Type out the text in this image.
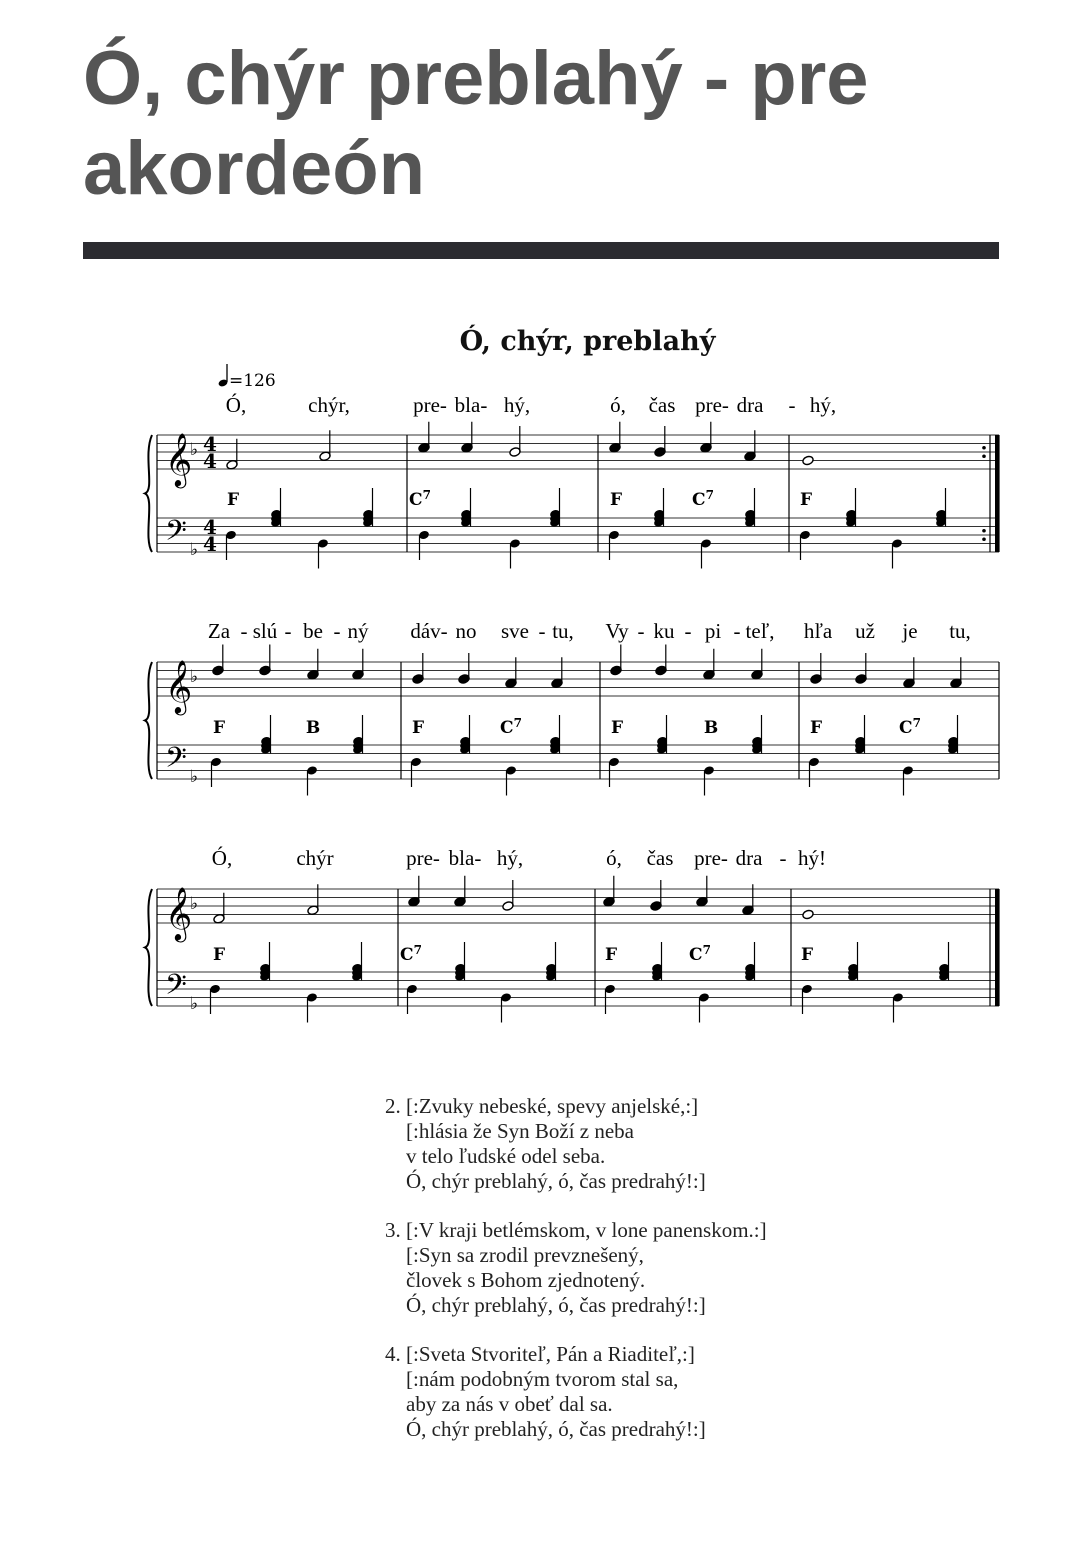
Ó, chýr preblahý - pre akordeón
Ó, chýr, preblahý
=126
𝄞
𝄢
♭
♭
4
4
4
4
F	$C^7$	F	$C^7$	F
Ó,	chýr,	pre- bla- hý,	ó, čas pre- dra - hý,
𝄞
𝄢
♭
♭
F	B	F	$C^7$	F	B	F	$C^7$
Za - slú - be - ný dáv- no sve - tu, Vy - ku - pi - teľ, hľa už je tu,
𝄞
𝄢
♭
♭
F	$C^7$	F	$C^7$	F
Ó,	chýr	pre- bla- hý,	ó, čas pre- dra - hý!
2. [:Zvuky nebeské, spevy anjelské,:]
[:hlásia že Syn Boží z neba
v telo ľudské odel seba.
Ó, chýr preblahý, ó, čas predrahý!:]
3. [:V kraji betlémskom, v lone panenskom.:]
[:Syn sa zrodil prevznešený,
človek s Bohom zjednotený.
Ó, chýr preblahý, ó, čas predrahý!:]
4. [:Sveta Stvoriteľ, Pán a Riaditeľ,:]
[:nám podobným tvorom stal sa,
aby za nás v obeť dal sa.
Ó, chýr preblahý, ó, čas predrahý!:]
